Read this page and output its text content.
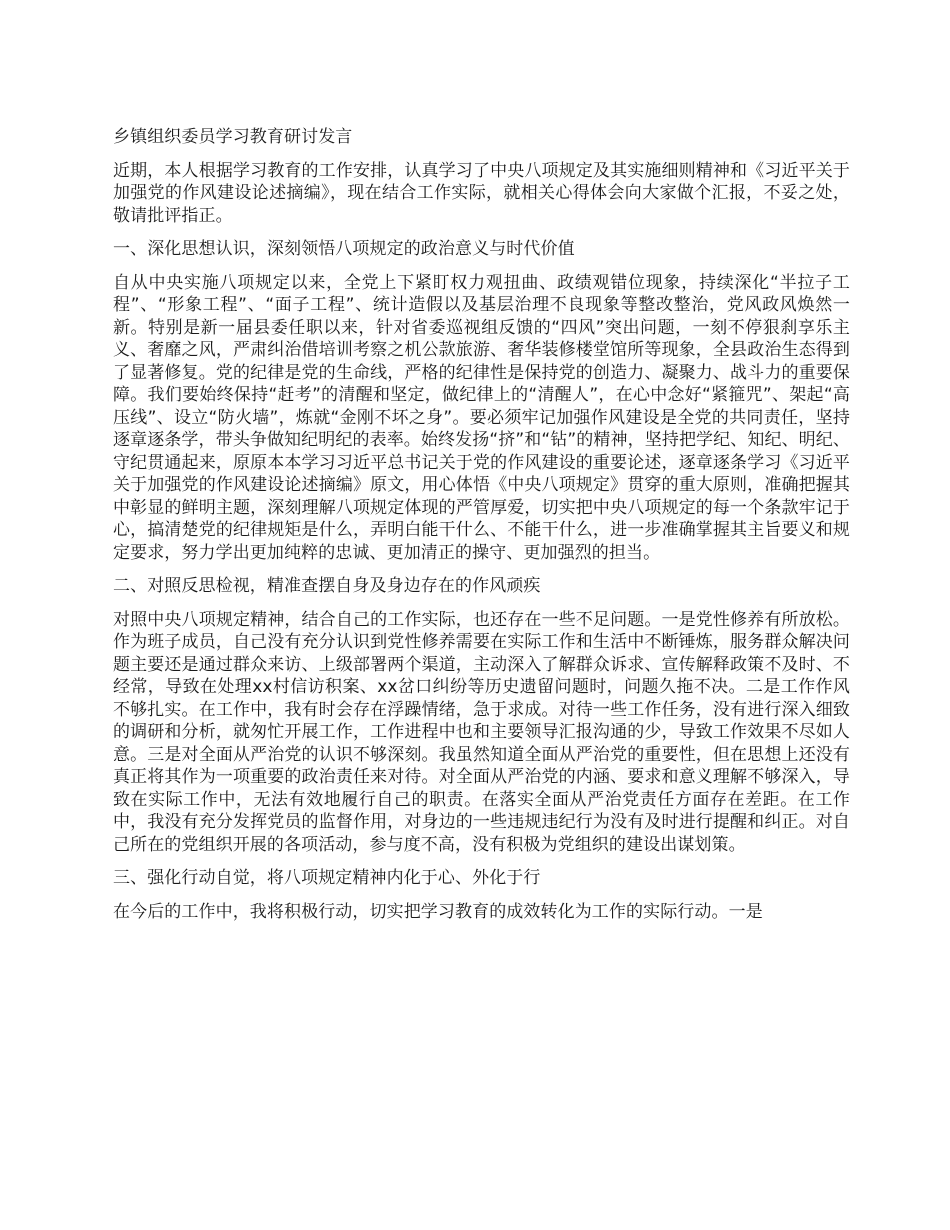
乡镇组织委员学习教育研讨发言

近期，本人根据学习教育的工作安排，认真学习了中央八项规定及其实施细则精神和《习近平关于加强党的作风建设论述摘编》，现在结合工作实际，就相关心得体会向大家做个汇报，不妥之处，敬请批评指正。

一、深化思想认识，深刻领悟八项规定的政治意义与时代价值

自从中央实施八项规定以来，全党上下紧盯权力观扭曲、政绩观错位现象，持续深化“半拉子工程”、“形象工程”、“面子工程”、统计造假以及基层治理不良现象等整改整治，党风政风焕然一新。特别是新一届县委任职以来，针对省委巡视组反馈的“四风”突出问题，一刻不停狠刹享乐主义、奢靡之风，严肃纠治借培训考察之机公款旅游、奢华装修楼堂馆所等现象，全县政治生态得到了显著修复。党的纪律是党的生命线，严格的纪律性是保持党的创造力、凝聚力、战斗力的重要保障。我们要始终保持“赶考”的清醒和坚定，做纪律上的“清醒人”，在心中念好“紧箍咒”、架起“高压线”、设立“防火墙”，炼就“金刚不坏之身”。要必须牢记加强作风建设是全党的共同责任，坚持逐章逐条学，带头争做知纪明纪的表率。始终发扬“挤”和“钻”的精神，坚持把学纪、知纪、明纪、守纪贯通起来，原原本本学习习近平总书记关于党的作风建设的重要论述，逐章逐条学习《习近平关于加强党的作风建设论述摘编》原文，用心体悟《中央八项规定》贯穿的重大原则，准确把握其中彰显的鲜明主题，深刻理解八项规定体现的严管厚爱，切实把中央八项规定的每一个条款牢记于心，搞清楚党的纪律规矩是什么，弄明白能干什么、不能干什么，进一步准确掌握其主旨要义和规定要求，努力学出更加纯粹的忠诚、更加清正的操守、更加强烈的担当。

二、对照反思检视，精准查摆自身及身边存在的作风顽疾

对照中央八项规定精神，结合自己的工作实际，也还存在一些不足问题。一是党性修养有所放松。作为班子成员，自己没有充分认识到党性修养需要在实际工作和生活中不断锤炼，服务群众解决问题主要还是通过群众来访、上级部署两个渠道，主动深入了解群众诉求、宣传解释政策不及时、不经常，导致在处理xx村信访积案、xx岔口纠纷等历史遗留问题时，问题久拖不决。二是工作作风不够扎实。在工作中，我有时会存在浮躁情绪，急于求成。对待一些工作任务，没有进行深入细致的调研和分析，就匆忙开展工作，工作进程中也和主要领导汇报沟通的少，导致工作效果不尽如人意。三是对全面从严治党的认识不够深刻。我虽然知道全面从严治党的重要性，但在思想上还没有真正将其作为一项重要的政治责任来对待。对全面从严治党的内涵、要求和意义理解不够深入，导致在实际工作中，无法有效地履行自己的职责。在落实全面从严治党责任方面存在差距。在工作中，我没有充分发挥党员的监督作用，对身边的一些违规违纪行为没有及时进行提醒和纠正。对自己所在的党组织开展的各项活动，参与度不高，没有积极为党组织的建设出谋划策。

三、强化行动自觉，将八项规定精神内化于心、外化于行

在今后的工作中，我将积极行动，切实把学习教育的成效转化为工作的实际行动。一是
